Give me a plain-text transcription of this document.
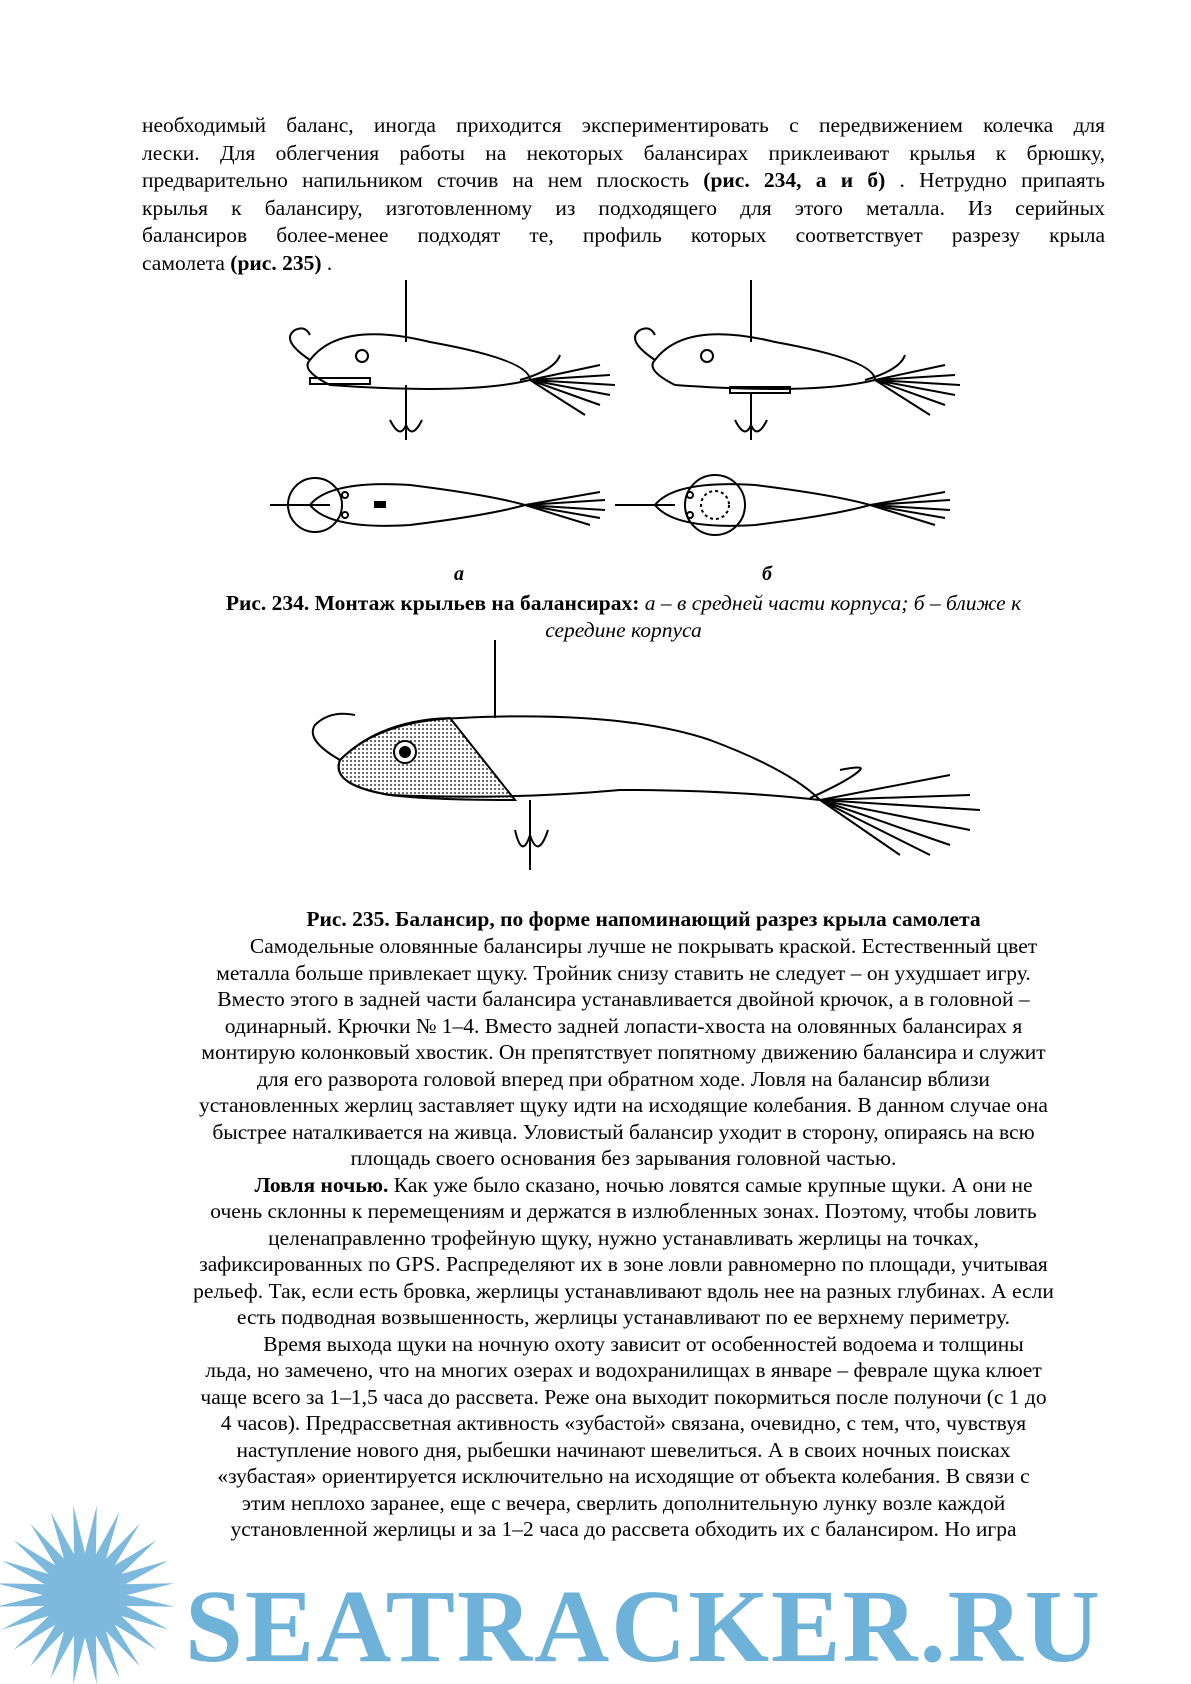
необходимый баланс, иногда приходится экспериментировать с передвижением колечка для
лески. Для облегчения работы на некоторых балансирах приклеивают крылья к брюшку,
предварительно напильником сточив на нем плоскость (рис. 234, а и б) . Нетрудно припаять
крылья к балансиру, изготовленному из подходящего для этого металла. Из серийных
балансиров более-менее подходят те, профиль которых соответствует разрезу крыла
самолета (рис. 235) .
а	б
Рис. 234. Монтаж крыльев на балансирах: а – в средней части корпуса; б – ближе к
середине корпуса
Рис. 235. Балансир, по форме напоминающий разрез крыла самолета
Самодельные оловянные балансиры лучше не покрывать краской. Естественный цвет
металла больше привлекает щуку. Тройник снизу ставить не следует – он ухудшает игру.
Вместо этого в задней части балансира устанавливается двойной крючок, а в головной –
одинарный. Крючки № 1–4. Вместо задней лопасти-хвоста на оловянных балансирах я
монтирую колонковый хвостик. Он препятствует попятному движению балансира и служит
для его разворота головой вперед при обратном ходе. Ловля на балансир вблизи
установленных жерлиц заставляет щуку идти на исходящие колебания. В данном случае она
быстрее наталкивается на живца. Уловистый балансир уходит в сторону, опираясь на всю
площадь своего основания без зарывания головной частью.
Ловля ночью. Как уже было сказано, ночью ловятся самые крупные щуки. А они не
очень склонны к перемещениям и держатся в излюбленных зонах. Поэтому, чтобы ловить
целенаправленно трофейную щуку, нужно устанавливать жерлицы на точках,
зафиксированных по GPS. Распределяют их в зоне ловли равномерно по площади, учитывая
рельеф. Так, если есть бровка, жерлицы устанавливают вдоль нее на разных глубинах. А если
есть подводная возвышенность, жерлицы устанавливают по ее верхнему периметру.
Время выхода щуки на ночную охоту зависит от особенностей водоема и толщины
льда, но замечено, что на многих озерах и водохранилищах в январе – феврале щука клюет
чаще всего за 1–1,5 часа до рассвета. Реже она выходит покормиться после полуночи (с 1 до
4 часов). Предрассветная активность «зубастой» связана, очевидно, с тем, что, чувствуя
наступление нового дня, рыбешки начинают шевелиться. А в своих ночных поисках
«зубастая» ориентируется исключительно на исходящие от объекта колебания. В связи с
этим неплохо заранее, еще с вечера, сверлить дополнительную лунку возле каждой
установленной жерлицы и за 1–2 часа до рассвета обходить их с балансиром. Но игра
SEATRACKER.RU
